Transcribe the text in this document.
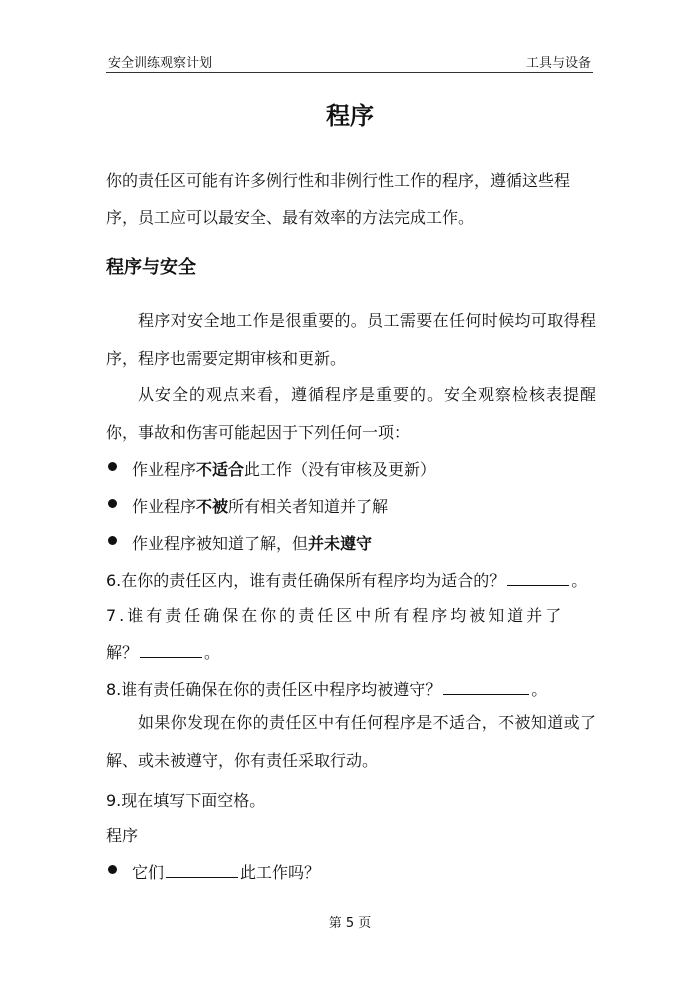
安全训练观察计划	工具与设备
程序
你的责任区可能有许多例行性和非例行性工作的程序，遵循这些程
序，员工应可以最安全、最有效率的方法完成工作。
程序与安全
程序对安全地工作是很重要的。员工需要在任何时候均可取得程序，程序也需要定期审核和更新。
从安全的观点来看，遵循程序是重要的。安全观察检核表提醒你，事故和伤害可能起因于下列任何一项：
作业程序不适合此工作（没有审核及更新）
作业程序不被所有相关者知道并了解
作业程序被知道了解，但并未遵守
6.在你的责任区内，谁有责任确保所有程序均为适合的？	。
7.谁有责任确保在你的责任区中所有程序均被知道并了
解？	。
8.谁有责任确保在你的责任区中程序均被遵守？	。
如果你发现在你的责任区中有任何程序是不适合，不被知道或了解、或未被遵守，你有责任采取行动。
9.现在填写下面空格。
程序
它们	此工作吗？
第 5 页
